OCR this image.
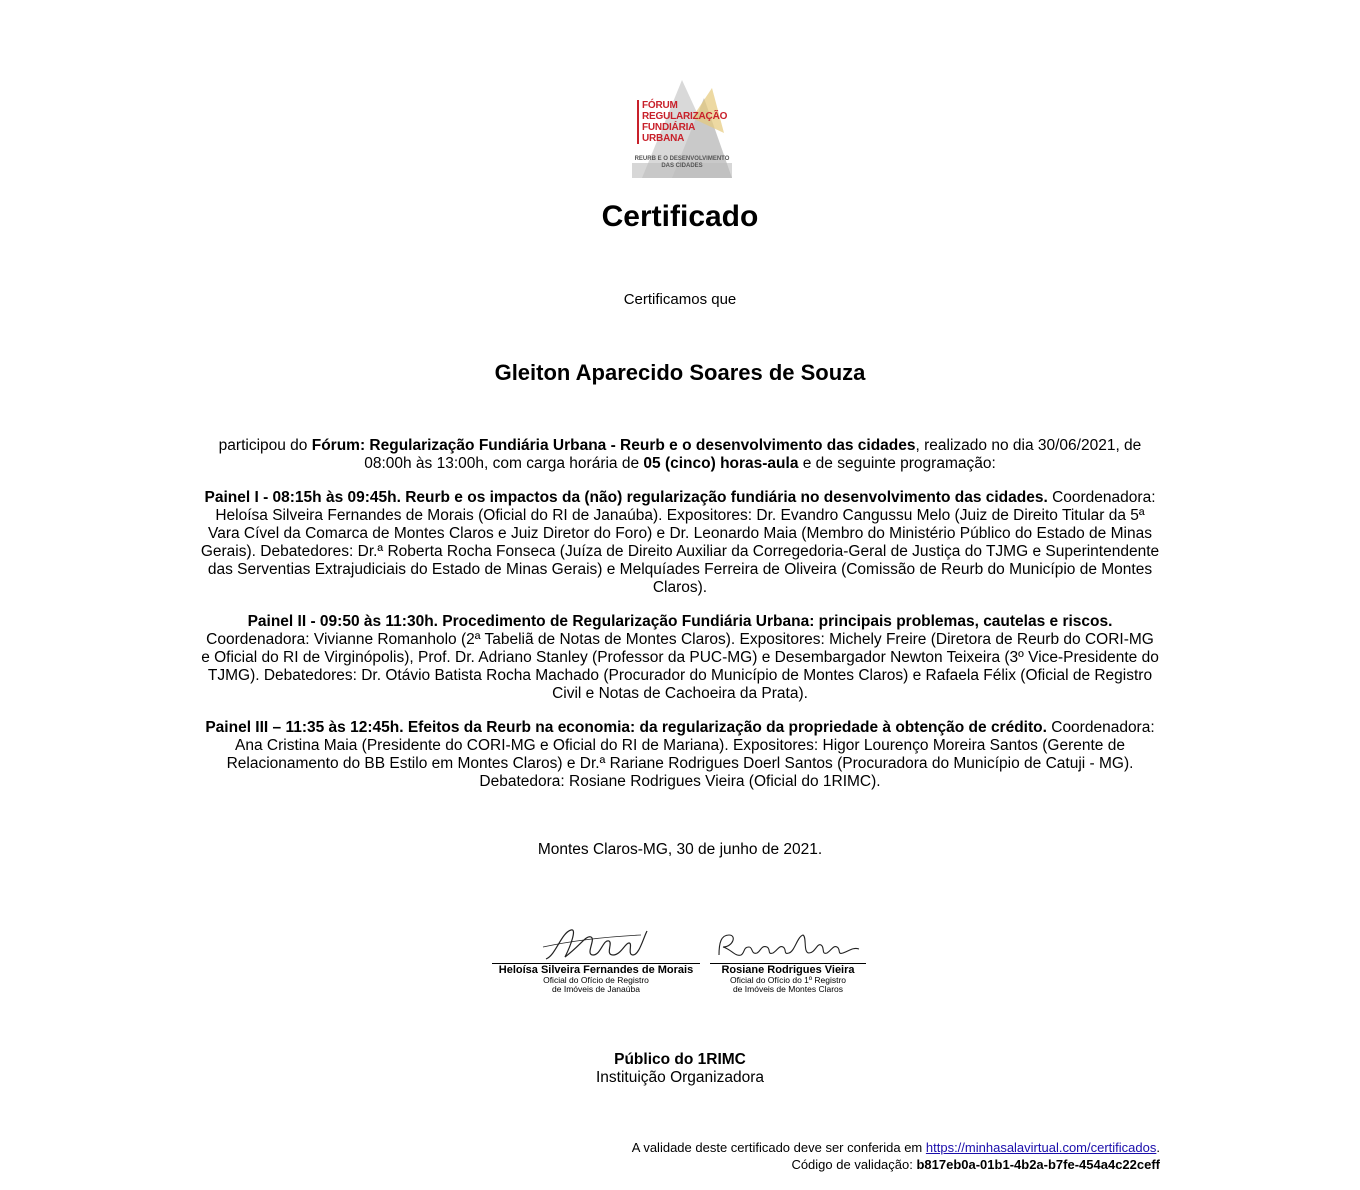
FÓRUM
REGULARIZAÇÃO
FUNDIÁRIA
URBANA
REURB E O DESENVOLVIMENTO DAS CIDADES
Certificado
Certificamos que
Gleiton Aparecido Soares de Souza
participou do Fórum: Regularização Fundiária Urbana - Reurb e o desenvolvimento das cidades, realizado no dia 30/06/2021, de 08:00h às 13:00h, com carga horária de 05 (cinco) horas-aula e de seguinte programação:
Painel I - 08:15h às 09:45h. Reurb e os impactos da (não) regularização fundiária no desenvolvimento das cidades. Coordenadora: Heloísa Silveira Fernandes de Morais (Oficial do RI de Janaúba). Expositores: Dr. Evandro Cangussu Melo (Juiz de Direito Titular da 5ª Vara Cível da Comarca de Montes Claros e Juiz Diretor do Foro) e Dr. Leonardo Maia (Membro do Ministério Público do Estado de Minas Gerais). Debatedores: Dr.ª Roberta Rocha Fonseca (Juíza de Direito Auxiliar da Corregedoria-Geral de Justiça do TJMG e Superintendente das Serventias Extrajudiciais do Estado de Minas Gerais) e Melquíades Ferreira de Oliveira (Comissão de Reurb do Município de Montes Claros).
Painel II - 09:50 às 11:30h. Procedimento de Regularização Fundiária Urbana: principais problemas, cautelas e riscos. Coordenadora: Vivianne Romanholo (2ª Tabeliã de Notas de Montes Claros). Expositores: Michely Freire (Diretora de Reurb do CORI-MG e Oficial do RI de Virginópolis), Prof. Dr. Adriano Stanley (Professor da PUC-MG) e Desembargador Newton Teixeira (3º Vice-Presidente do TJMG). Debatedores: Dr. Otávio Batista Rocha Machado (Procurador do Município de Montes Claros) e Rafaela Félix (Oficial de Registro Civil e Notas de Cachoeira da Prata).
Painel III – 11:35 às 12:45h. Efeitos da Reurb na economia: da regularização da propriedade à obtenção de crédito. Coordenadora: Ana Cristina Maia (Presidente do CORI-MG e Oficial do RI de Mariana). Expositores: Higor Lourenço Moreira Santos (Gerente de Relacionamento do BB Estilo em Montes Claros) e Dr.ª Rariane Rodrigues Doerl Santos (Procuradora do Município de Catuji - MG). Debatedora: Rosiane Rodrigues Vieira (Oficial do 1RIMC).
Montes Claros-MG, 30 de junho de 2021.
Heloísa Silveira Fernandes de Morais
Oficial do Ofício de Registro
de Imóveis de Janaúba
Rosiane Rodrigues Vieira
Oficial do Ofício do 1º Registro
de Imóveis de Montes Claros
Público do 1RIMC
Instituição Organizadora
A validade deste certificado deve ser conferida em https://minhasalavirtual.com/certificados.
Código de validação: b817eb0a-01b1-4b2a-b7fe-454a4c22ceff
